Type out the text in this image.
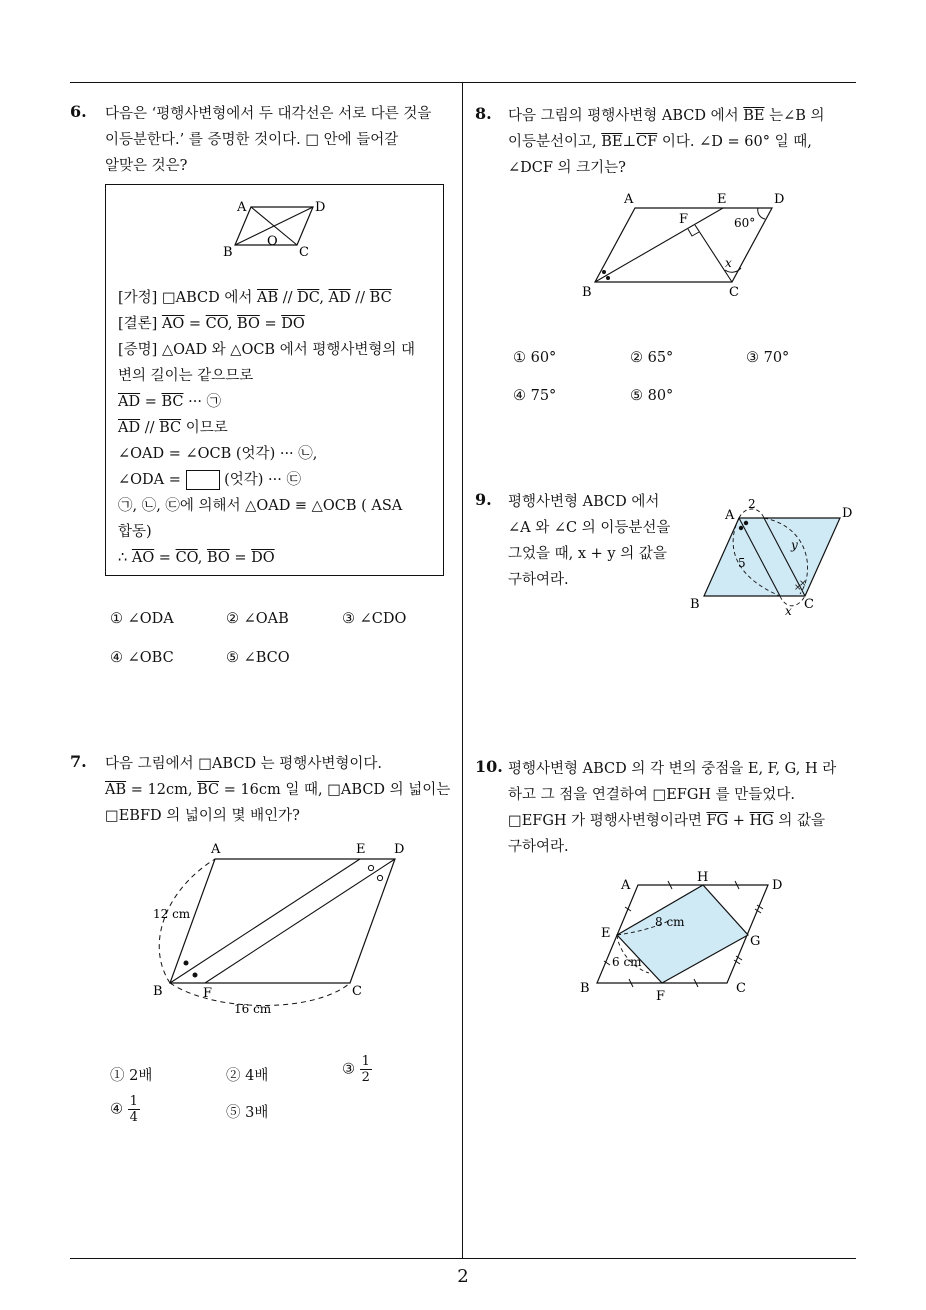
6. 다음은 ‘평행사변형에서 두 대각선은 서로 다른 것을
이등분한다.’ 를 증명한 것이다. □ 안에 들어갈
알맞은 것은?
A	D
O
B	C
[가정] □ABCD 에서 $\overline{AB} // \overline{DC}$, $\overline{AD} // \overline{BC}$
[결론] $\overline{AO} = \overline{CO}$, $\overline{BO} = \overline{DO}$
[증명] △OAD 와 △OCB 에서 평행사변형의 대
변의 길이는 같으므로
$\overline{AD} = \overline{BC}$ ··· ㉠
$\overline{AD} // \overline{BC}$ 이므로
∠OAD = ∠OCB (엇각) ··· ㉡,
∠ODA =  (엇각) ··· ㉢
㉠, ㉡, ㉢에 의해서 △OAD ≡ △OCB ( ASA
합동)
∴ $\overline{AO} = \overline{CO}$, $\overline{BO} = \overline{DO}$
① ∠ODA	② ∠OAB	③ ∠CDO
④ ∠OBC	⑤ ∠BCO
7. 다음 그림에서 □ABCD 는 평행사변형이다.
$\overline{AB} = 12cm$, $\overline{BC} = 16cm$ 일 때, □ABCD 의 넓이는
□EBFD 의 넓이의 몇 배인가?
A	E D
B	F	C
12 cm
16 cm
① 2배	② 4배	③ $\frac{1}{2}$
④ $\frac{1}{4}$	⑤ 3배
8. 다음 그림의 평행사변형 ABCD 에서 $\overline{BE}$ 는∠B 의
이등분선이고, $\overline{BE}\perp\overline{CF}$ 이다. ∠D = 60° 일 때,
∠DCF 의 크기는?
A	E	D
F	60°
x
B	C
① 60°	② 65°	③ 70°
④ 75°	⑤ 80°
9. 평행사변형 ABCD 에서
∠A 와 ∠C 의 이등분선을
그었을 때, x + y 의 값을
구하여라.	×
×
A
2
D
y
5
B	C
x
10. 평행사변형 ABCD 의 각 변의 중점을 E, F, G, H 라
하고 그 점을 연결하여 □EFGH 를 만들었다.
□EFGH 가 평행사변형이라면 $\overline{FG} + \overline{HG}$ 의 값을
구하여라.
A
H
D
E
G
8 cm
6 cm
B
F
C
2
